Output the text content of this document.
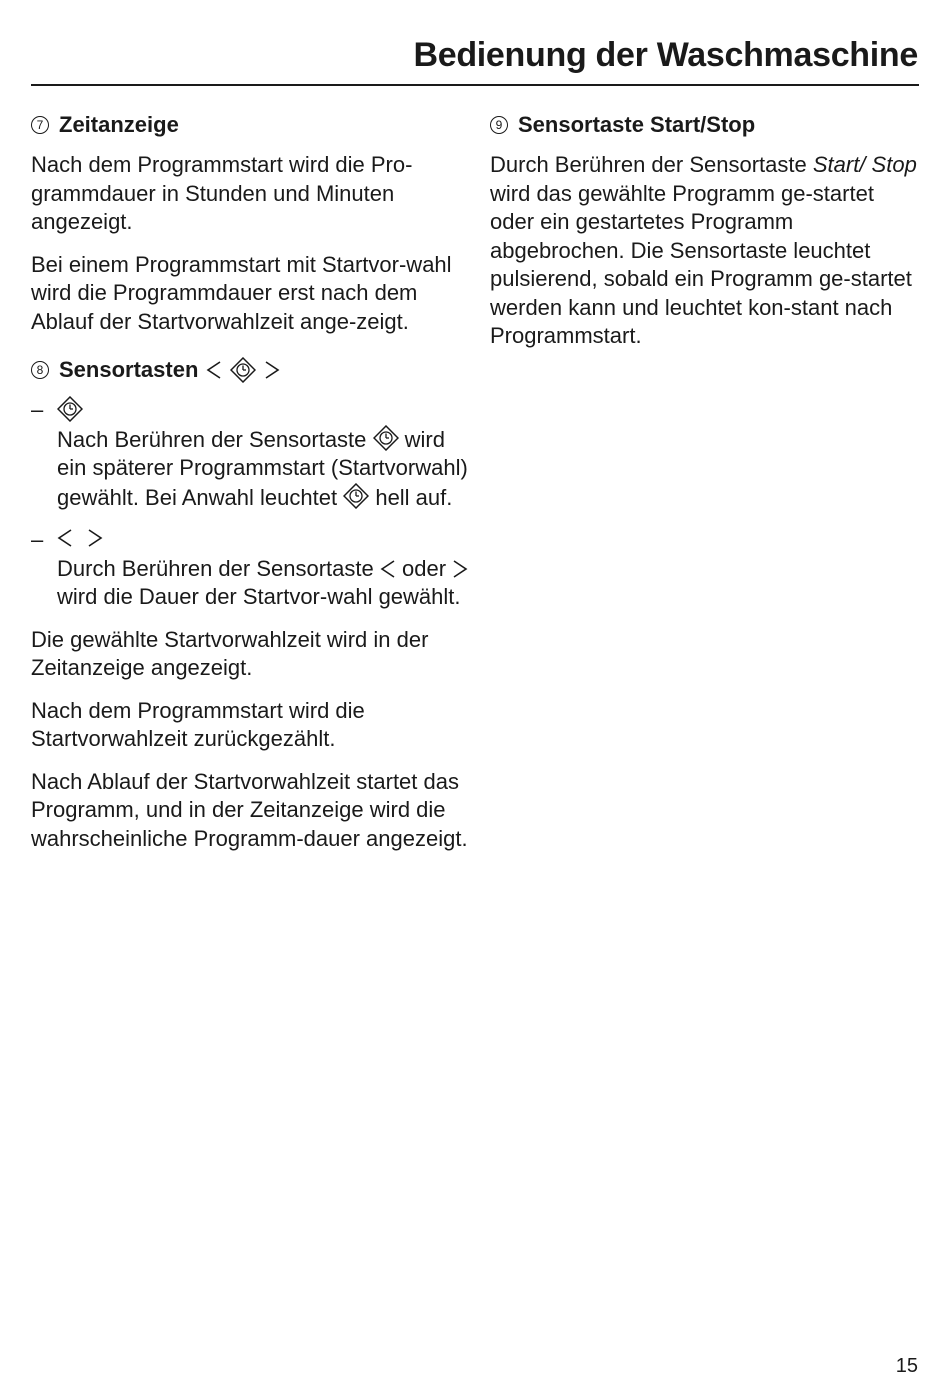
Bedienung der Waschmaschine
7 Zeitanzeige

Nach dem Programmstart wird die Pro-grammdauer in Stunden und Minuten angezeigt.

Bei einem Programmstart mit Startvor-wahl wird die Programmdauer erst nach dem Ablauf der Startvorwahlzeit ange-zeigt.

8 Sensortasten
–
Nach Berühren der Sensortaste wird ein späterer Programmstart (Startvorwahl) gewählt. Bei Anwahl leuchtet hell auf.
–

Durch Berühren der Sensortaste oder
wird die Dauer der Startvor-wahl gewählt.

Die gewählte Startvorwahlzeit wird in der Zeitanzeige angezeigt.

Nach dem Programmstart wird die Startvorwahlzeit zurückgezählt.

Nach Ablauf der Startvorwahlzeit startet das Programm, und in der Zeitanzeige wird die wahrscheinliche Programm-dauer angezeigt.

9 Sensortaste Start/Stop

Durch Berühren der Sensortaste Start/ Stop wird das gewählte Programm ge-startet oder ein gestartetes Programm abgebrochen. Die Sensortaste leuchtet pulsierend, sobald ein Programm ge-startet werden kann und leuchtet kon-stant nach Programmstart.

15
